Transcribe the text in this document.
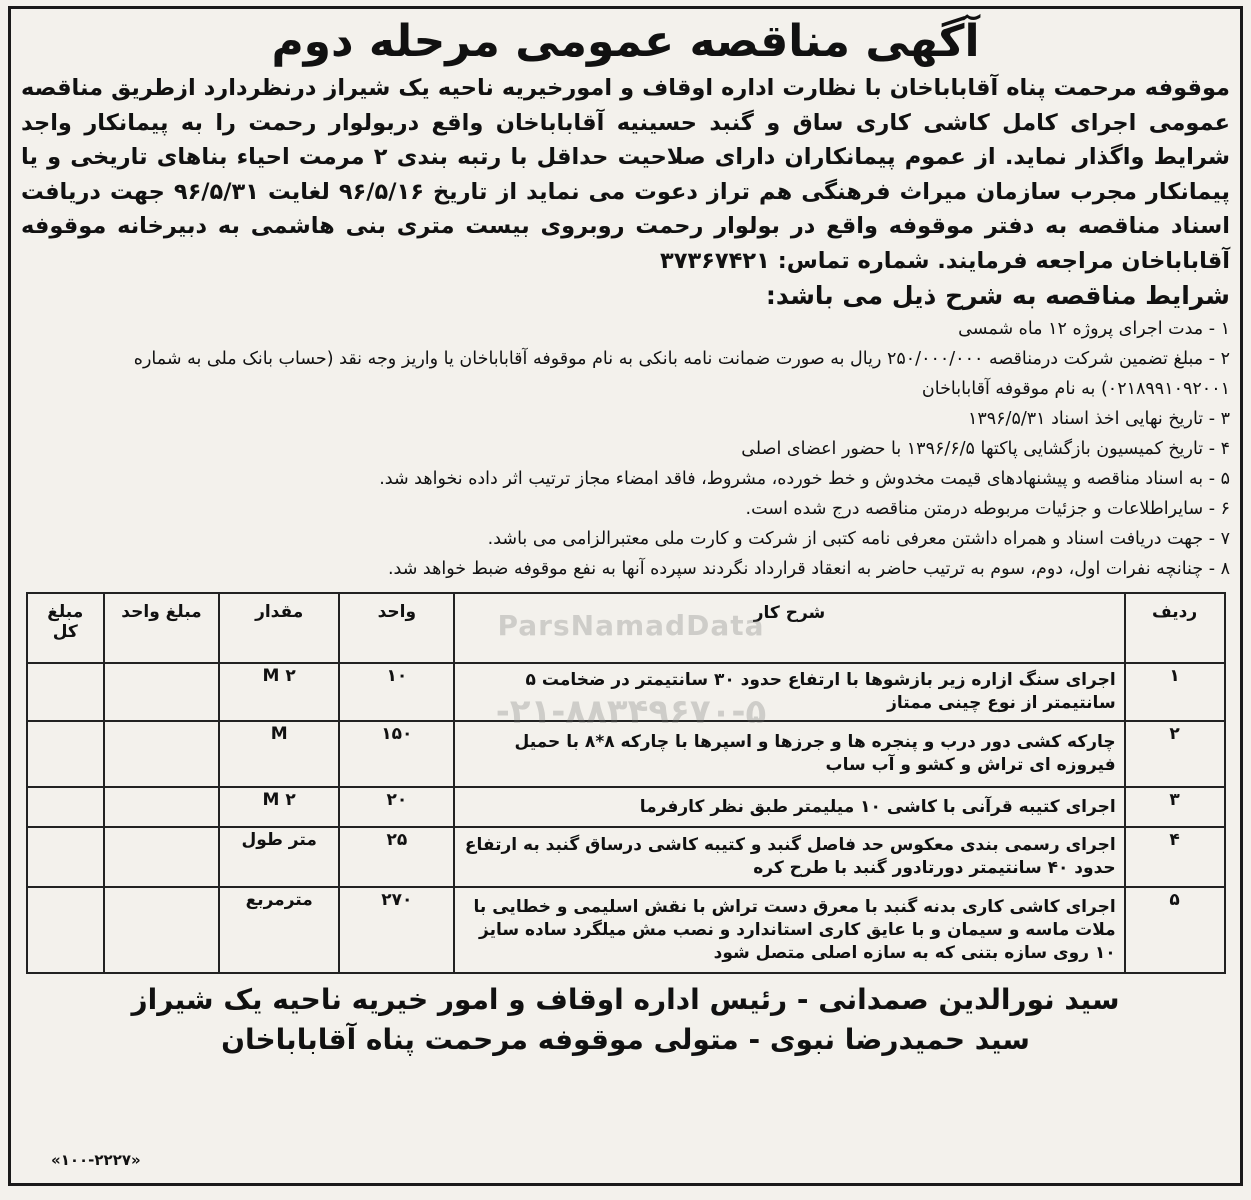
آگهی مناقصه عمومی مرحله دوم

موقوفه مرحمت پناه آقاباباخان با نظارت اداره اوقاف و امورخیریه ناحیه یک شیراز درنظردارد ازطریق مناقصه عمومی اجرای کامل کاشی کاری ساق و گنبد حسینیه آقاباباخان واقع دربولوار رحمت را به پیمانکار واجد شرایط واگذار نماید. از عموم پیمانکاران دارای صلاحیت حداقل با رتبه بندی ۲ مرمت احیاء بناهای تاریخی و یا پیمانکار مجرب سازمان میراث فرهنگی هم تراز دعوت می نماید از تاریخ ۹۶/۵/۱۶ لغایت ۹۶/۵/۳۱ جهت دریافت اسناد مناقصه به دفتر موقوفه واقع در بولوار رحمت روبروی بیست متری بنی هاشمی به دبیرخانه موقوفه آقاباباخان مراجعه فرمایند. شماره تماس: ۳۷۳۶۷۴۲۱

شرایط مناقصه به شرح ذیل می باشد:

۱ - مدت اجرای پروژه ۱۲ ماه شمسی
۲ - مبلغ تضمین شرکت درمناقصه ۲۵۰/۰۰۰/۰۰۰ ریال به صورت ضمانت نامه بانکی به نام موقوفه آقاباباخان یا واریز وجه نقد (حساب بانک ملی به شماره ۰۲۱۸۹۹۱۰۹۲۰۰۱) به نام موقوفه آقاباباخان
۳ - تاریخ نهایی اخذ اسناد ۱۳۹۶/۵/۳۱
۴ - تاریخ کمیسیون بازگشایی پاکتها ۱۳۹۶/۶/۵ با حضور اعضای اصلی
۵ - به اسناد مناقصه و پیشنهادهای قیمت مخدوش و خط خورده، مشروط، فاقد امضاء مجاز ترتیب اثر داده نخواهد شد.
۶ - سایراطلاعات و جزئیات مربوطه درمتن مناقصه درج شده است.
۷ - جهت دریافت اسناد و همراه داشتن معرفی نامه کتبی از شرکت و کارت ملی معتبرالزامی می باشد.
۸ - چنانچه نفرات اول، دوم، سوم به ترتیب حاضر به انعقاد قرارداد نگردند سپرده آنها به نفع موقوفه ضبط خواهد شد.
ParsNamadData
-۲۱-۸۸۳۴۹۶۷۰-۵
ردیف	شرح کار	واحد	مقدار	مبلغ واحد	مبلغ کل
۱	اجرای سنگ ازاره زیر بازشوها با ارتفاع حدود ۳۰ سانتیمتر در ضخامت ۵ سانتیمتر از نوع چینی ممتاز	۱۰	M ۲		
۲	چارکه کشی دور درب و پنجره ها و جرزها و اسپرها با چارکه ۸*۸ با حمیل فیروزه ای تراش و کشو و آب ساب	۱۵۰	M		
۳	اجرای کتیبه قرآنی با کاشی ۱۰ میلیمتر طبق نظر کارفرما	۲۰	M ۲		
۴	اجرای رسمی بندی معکوس حد فاصل گنبد و کتیبه کاشی درساق گنبد به ارتفاع حدود ۴۰ سانتیمتر دورتادور گنبد با طرح کره	۲۵	متر طول		
۵	اجرای کاشی کاری بدنه گنبد با معرق دست تراش با نقش اسلیمی و خطایی با ملات ماسه و سیمان و با عایق کاری استاندارد و نصب مش میلگرد ساده سایز ۱۰ روی سازه بتنی که به سازه اصلی متصل شود	۲۷۰	مترمربع		
سید نورالدین صمدانی - رئیس اداره اوقاف و امور خیریه ناحیه یک شیراز
سید حمیدرضا نبوی - متولی موقوفه مرحمت پناه آقاباباخان
«۱۰۰-۲۲۲۷»
